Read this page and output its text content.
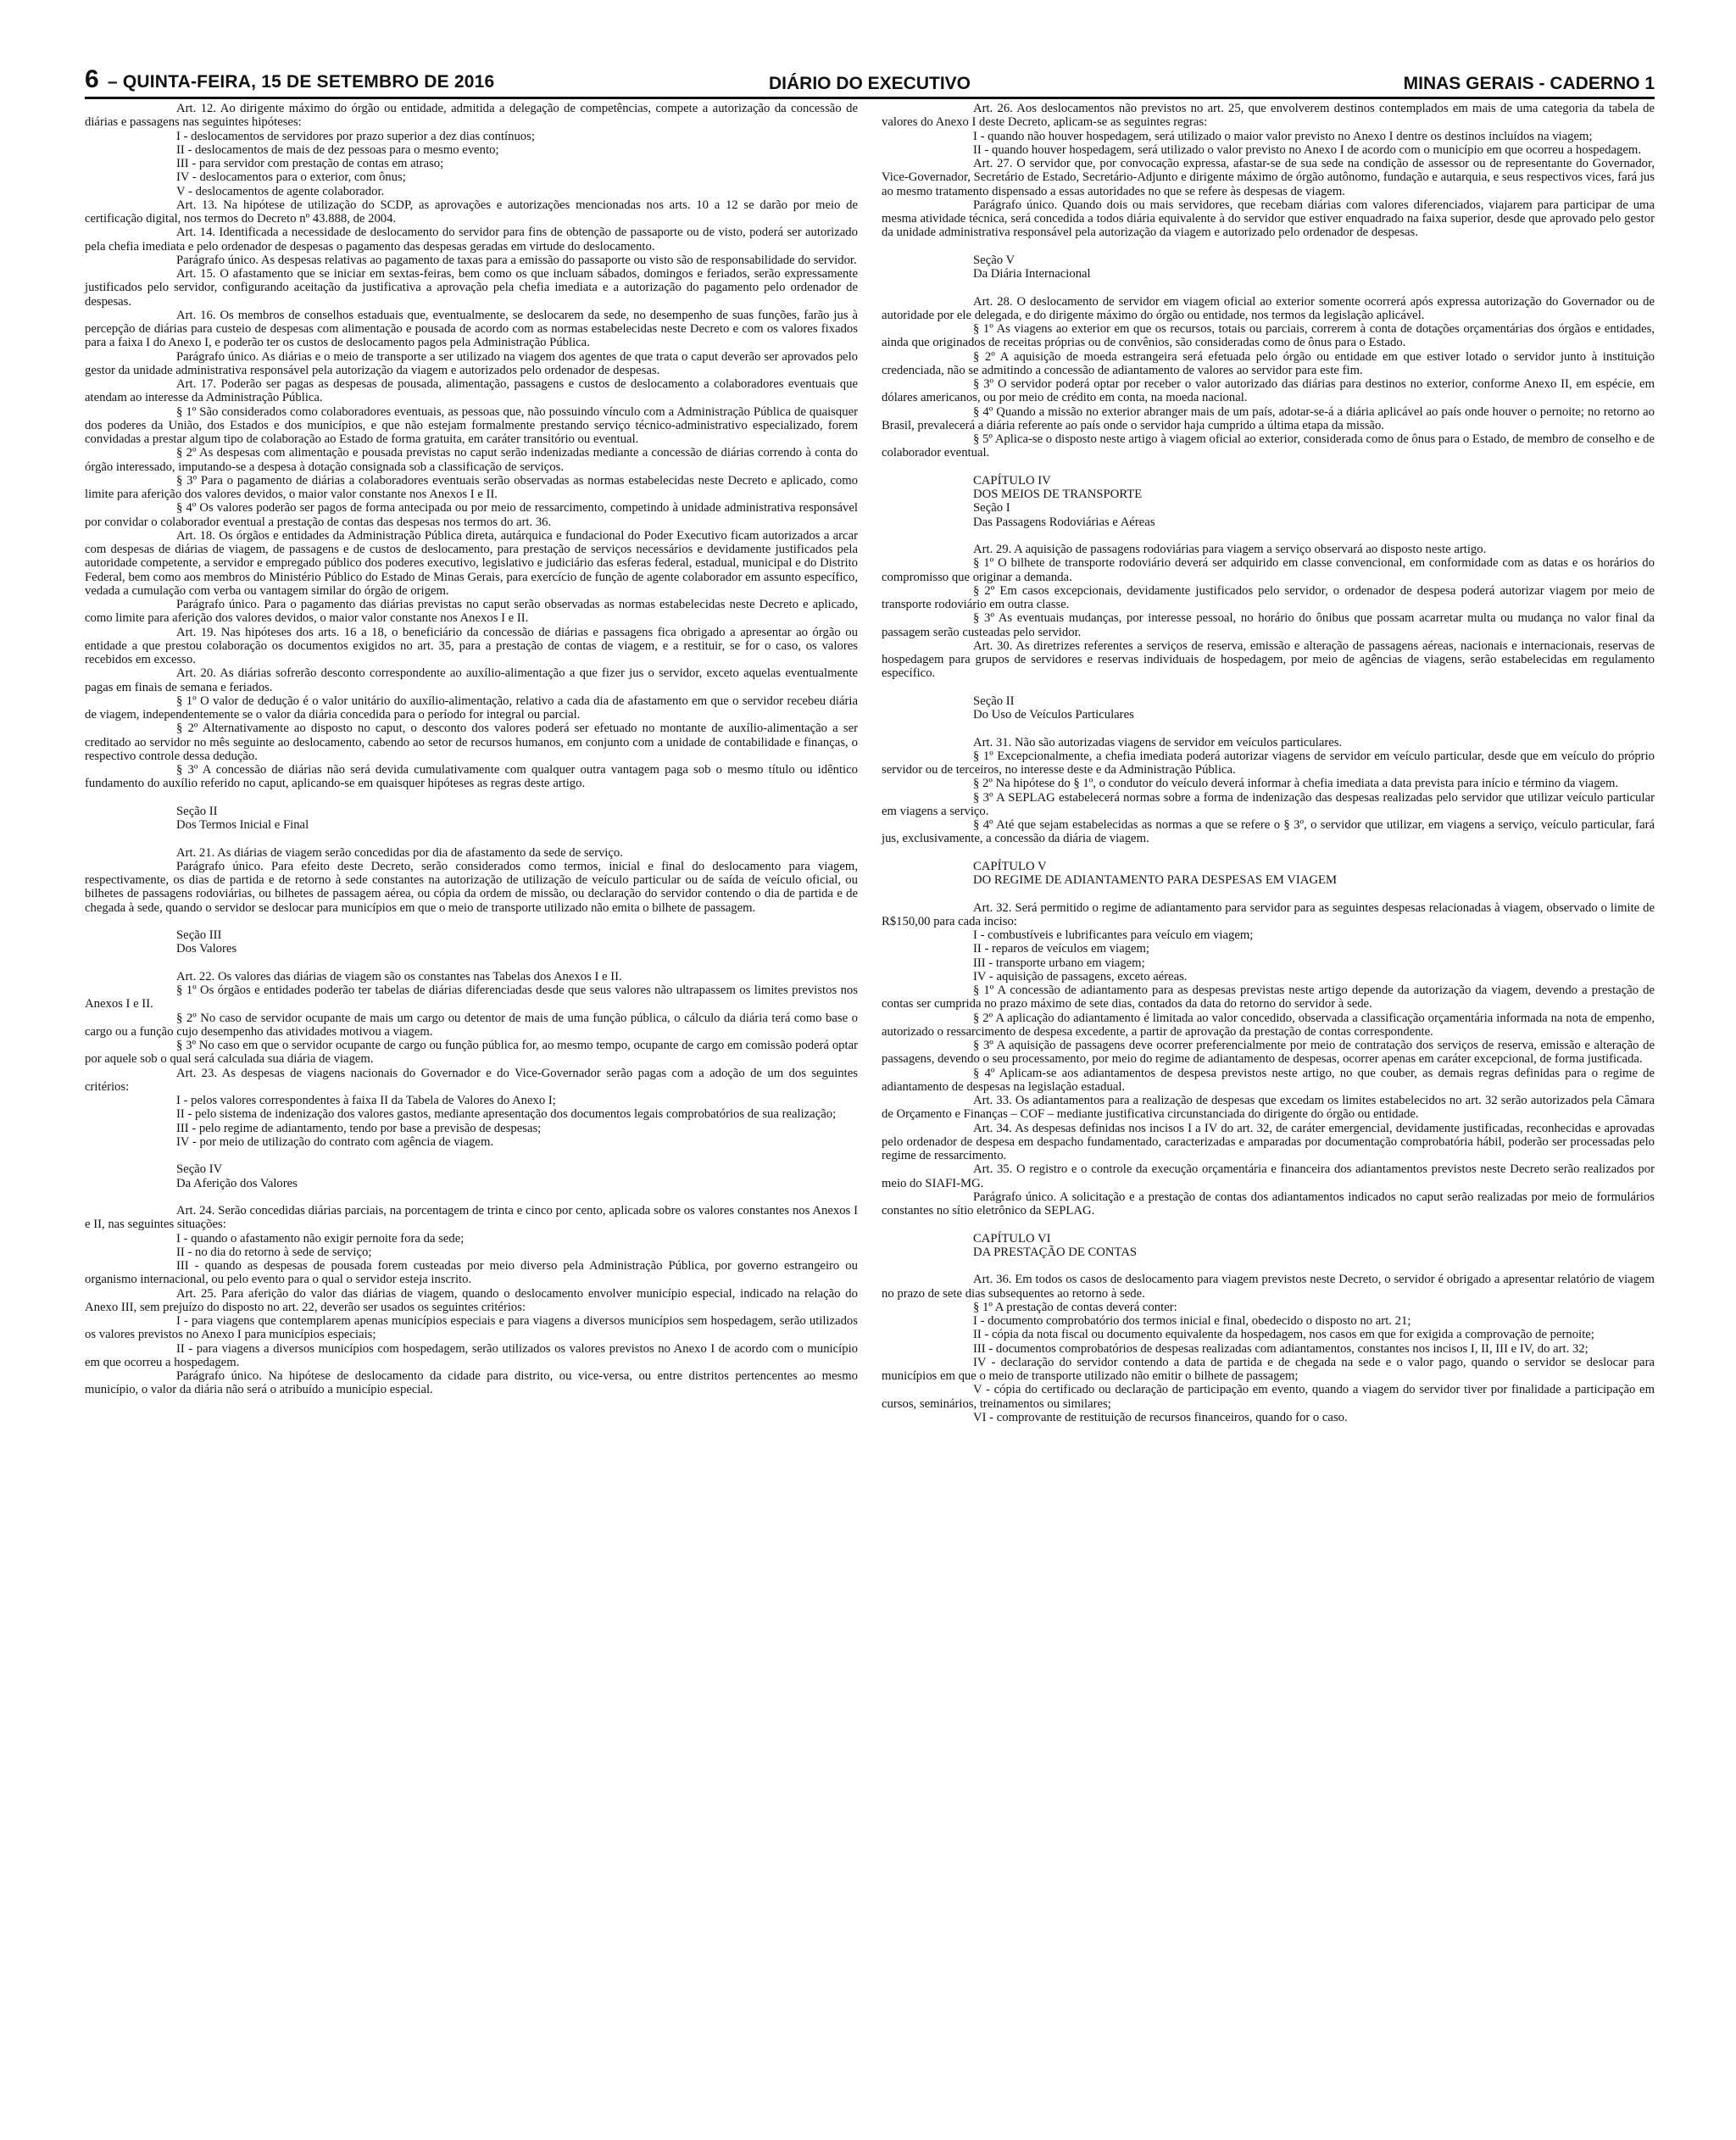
6 – QUINTA-FEIRA, 15 DE SETEMBRO DE 2016	DIÁRIO DO EXECUTIVO	MINAS GERAIS - CADERNO 1

Art. 12. Ao dirigente máximo do órgão ou entidade, admitida a delegação de competências, compete a autorização da concessão de diárias e passagens nas seguintes hipóteses:

I - deslocamentos de servidores por prazo superior a dez dias contínuos;

II - deslocamentos de mais de dez pessoas para o mesmo evento;

III - para servidor com prestação de contas em atraso;

IV - deslocamentos para o exterior, com ônus;

V - deslocamentos de agente colaborador.

Art. 13. Na hipótese de utilização do SCDP, as aprovações e autorizações mencionadas nos arts. 10 a 12 se darão por meio de certificação digital, nos termos do Decreto nº 43.888, de 2004.

Art. 14. Identificada a necessidade de deslocamento do servidor para fins de obtenção de passaporte ou de visto, poderá ser autorizado pela chefia imediata e pelo ordenador de despesas o pagamento das despesas geradas em virtude do deslocamento.

Parágrafo único. As despesas relativas ao pagamento de taxas para a emissão do passaporte ou visto são de responsabilidade do servidor.

Art. 15. O afastamento que se iniciar em sextas-feiras, bem como os que incluam sábados, domingos e feriados, serão expressamente justificados pelo servidor, configurando aceitação da justificativa a aprovação pela chefia imediata e a autorização do pagamento pelo ordenador de despesas.

Art. 16. Os membros de conselhos estaduais que, eventualmente, se deslocarem da sede, no desempenho de suas funções, farão jus à percepção de diárias para custeio de despesas com alimentação e pousada de acordo com as normas estabelecidas neste Decreto e com os valores fixados para a faixa I do Anexo I, e poderão ter os custos de deslocamento pagos pela Administração Pública.

Parágrafo único. As diárias e o meio de transporte a ser utilizado na viagem dos agentes de que trata o caput deverão ser aprovados pelo gestor da unidade administrativa responsável pela autorização da viagem e autorizados pelo ordenador de despesas.

Art. 17. Poderão ser pagas as despesas de pousada, alimentação, passagens e custos de deslocamento a colaboradores eventuais que atendam ao interesse da Administração Pública.

§ 1º São considerados como colaboradores eventuais, as pessoas que, não possuindo vínculo com a Administração Pública de quaisquer dos poderes da União, dos Estados e dos municípios, e que não estejam formalmente prestando serviço técnico-administrativo especializado, forem convidadas a prestar algum tipo de colaboração ao Estado de forma gratuita, em caráter transitório ou eventual.

§ 2º As despesas com alimentação e pousada previstas no caput serão indenizadas mediante a concessão de diárias correndo à conta do órgão interessado, imputando-se a despesa à dotação consignada sob a classificação de serviços.

§ 3º Para o pagamento de diárias a colaboradores eventuais serão observadas as normas estabelecidas neste Decreto e aplicado, como limite para aferição dos valores devidos, o maior valor constante nos Anexos I e II.

§ 4º Os valores poderão ser pagos de forma antecipada ou por meio de ressarcimento, competindo à unidade administrativa responsável por convidar o colaborador eventual a prestação de contas das despesas nos termos do art. 36.

Art. 18. Os órgãos e entidades da Administração Pública direta, autárquica e fundacional do Poder Executivo ficam autorizados a arcar com despesas de diárias de viagem, de passagens e de custos de deslocamento, para prestação de serviços necessários e devidamente justificados pela autoridade competente, a servidor e empregado público dos poderes executivo, legislativo e judiciário das esferas federal, estadual, municipal e do Distrito Federal, bem como aos membros do Ministério Público do Estado de Minas Gerais, para exercício de função de agente colaborador em assunto específico, vedada a cumulação com verba ou vantagem similar do órgão de origem.

Parágrafo único. Para o pagamento das diárias previstas no caput serão observadas as normas estabelecidas neste Decreto e aplicado, como limite para aferição dos valores devidos, o maior valor constante nos Anexos I e II.

Art. 19. Nas hipóteses dos arts. 16 a 18, o beneficiário da concessão de diárias e passagens fica obrigado a apresentar ao órgão ou entidade a que prestou colaboração os documentos exigidos no art. 35, para a prestação de contas de viagem, e a restituir, se for o caso, os valores recebidos em excesso.

Art. 20. As diárias sofrerão desconto correspondente ao auxílio-alimentação a que fizer jus o servidor, exceto aquelas eventualmente pagas em finais de semana e feriados.

§ 1º O valor de dedução é o valor unitário do auxílio-alimentação, relativo a cada dia de afastamento em que o servidor recebeu diária de viagem, independentemente se o valor da diária concedida para o período for integral ou parcial.

§ 2º Alternativamente ao disposto no caput, o desconto dos valores poderá ser efetuado no montante de auxílio-alimentação a ser creditado ao servidor no mês seguinte ao deslocamento, cabendo ao setor de recursos humanos, em conjunto com a unidade de contabilidade e finanças, o respectivo controle dessa dedução.

§ 3º A concessão de diárias não será devida cumulativamente com qualquer outra vantagem paga sob o mesmo título ou idêntico fundamento do auxílio referido no caput, aplicando-se em quaisquer hipóteses as regras deste artigo.

Seção II
Dos Termos Inicial e Final

Art. 21. As diárias de viagem serão concedidas por dia de afastamento da sede de serviço.

Parágrafo único. Para efeito deste Decreto, serão considerados como termos, inicial e final do deslocamento para viagem, respectivamente, os dias de partida e de retorno à sede constantes na autorização de utilização de veículo particular ou de saída de veículo oficial, ou bilhetes de passagens rodoviárias, ou bilhetes de passagem aérea, ou cópia da ordem de missão, ou declaração do servidor contendo o dia de partida e de chegada à sede, quando o servidor se deslocar para municípios em que o meio de transporte utilizado não emita o bilhete de passagem.

Seção III
Dos Valores

Art. 22. Os valores das diárias de viagem são os constantes nas Tabelas dos Anexos I e II.

§ 1º Os órgãos e entidades poderão ter tabelas de diárias diferenciadas desde que seus valores não ultrapassem os limites previstos nos Anexos I e II.

§ 2º No caso de servidor ocupante de mais um cargo ou detentor de mais de uma função pública, o cálculo da diária terá como base o cargo ou a função cujo desempenho das atividades motivou a viagem.

§ 3º No caso em que o servidor ocupante de cargo ou função pública for, ao mesmo tempo, ocupante de cargo em comissão poderá optar por aquele sob o qual será calculada sua diária de viagem.

Art. 23. As despesas de viagens nacionais do Governador e do Vice-Governador serão pagas com a adoção de um dos seguintes critérios:

I - pelos valores correspondentes à faixa II da Tabela de Valores do Anexo I;

II - pelo sistema de indenização dos valores gastos, mediante apresentação dos documentos legais comprobatórios de sua realização;

III - pelo regime de adiantamento, tendo por base a previsão de despesas;

IV - por meio de utilização do contrato com agência de viagem.

Seção IV
Da Aferição dos Valores

Art. 24. Serão concedidas diárias parciais, na porcentagem de trinta e cinco por cento, aplicada sobre os valores constantes nos Anexos I e II, nas seguintes situações:

I - quando o afastamento não exigir pernoite fora da sede;

II - no dia do retorno à sede de serviço;

III - quando as despesas de pousada forem custeadas por meio diverso pela Administração Pública, por governo estrangeiro ou organismo internacional, ou pelo evento para o qual o servidor esteja inscrito.

Art. 25. Para aferição do valor das diárias de viagem, quando o deslocamento envolver município especial, indicado na relação do Anexo III, sem prejuízo do disposto no art. 22, deverão ser usados os seguintes critérios:

I - para viagens que contemplarem apenas municípios especiais e para viagens a diversos municípios sem hospedagem, serão utilizados os valores previstos no Anexo I para municípios especiais;

II - para viagens a diversos municípios com hospedagem, serão utilizados os valores previstos no Anexo I de acordo com o município em que ocorreu a hospedagem.

Parágrafo único. Na hipótese de deslocamento da cidade para distrito, ou vice-versa, ou entre distritos pertencentes ao mesmo município, o valor da diária não será o atribuído a município especial.

Art. 26. Aos deslocamentos não previstos no art. 25, que envolverem destinos contemplados em mais de uma categoria da tabela de valores do Anexo I deste Decreto, aplicam-se as seguintes regras:

I - quando não houver hospedagem, será utilizado o maior valor previsto no Anexo I dentre os destinos incluídos na viagem;

II - quando houver hospedagem, será utilizado o valor previsto no Anexo I de acordo com o município em que ocorreu a hospedagem.

Art. 27. O servidor que, por convocação expressa, afastar-se de sua sede na condição de assessor ou de representante do Governador, Vice-Governador, Secretário de Estado, Secretário-Adjunto e dirigente máximo de órgão autônomo, fundação e autarquia, e seus respectivos vices, fará jus ao mesmo tratamento dispensado a essas autoridades no que se refere às despesas de viagem.

Parágrafo único. Quando dois ou mais servidores, que recebam diárias com valores diferenciados, viajarem para participar de uma mesma atividade técnica, será concedida a todos diária equivalente à do servidor que estiver enquadrado na faixa superior, desde que aprovado pelo gestor da unidade administrativa responsável pela autorização da viagem e autorizado pelo ordenador de despesas.

Seção V
Da Diária Internacional

Art. 28. O deslocamento de servidor em viagem oficial ao exterior somente ocorrerá após expressa autorização do Governador ou de autoridade por ele delegada, e do dirigente máximo do órgão ou entidade, nos termos da legislação aplicável.

§ 1º As viagens ao exterior em que os recursos, totais ou parciais, correrem à conta de dotações orçamentárias dos órgãos e entidades, ainda que originados de receitas próprias ou de convênios, são consideradas como de ônus para o Estado.

§ 2º A aquisição de moeda estrangeira será efetuada pelo órgão ou entidade em que estiver lotado o servidor junto à instituição credenciada, não se admitindo a concessão de adiantamento de valores ao servidor para este fim.

§ 3º O servidor poderá optar por receber o valor autorizado das diárias para destinos no exterior, conforme Anexo II, em espécie, em dólares americanos, ou por meio de crédito em conta, na moeda nacional.

§ 4º Quando a missão no exterior abranger mais de um país, adotar-se-á a diária aplicável ao país onde houver o pernoite; no retorno ao Brasil, prevalecerá a diária referente ao país onde o servidor haja cumprido a última etapa da missão.

§ 5º Aplica-se o disposto neste artigo à viagem oficial ao exterior, considerada como de ônus para o Estado, de membro de conselho e de colaborador eventual.

CAPÍTULO IV
DOS MEIOS DE TRANSPORTE
Seção I
Das Passagens Rodoviárias e Aéreas

Art. 29. A aquisição de passagens rodoviárias para viagem a serviço observará ao disposto neste artigo.

§ 1º O bilhete de transporte rodoviário deverá ser adquirido em classe convencional, em conformidade com as datas e os horários do compromisso que originar a demanda.

§ 2º Em casos excepcionais, devidamente justificados pelo servidor, o ordenador de despesa poderá autorizar viagem por meio de transporte rodoviário em outra classe.

§ 3º As eventuais mudanças, por interesse pessoal, no horário do ônibus que possam acarretar multa ou mudança no valor final da passagem serão custeadas pelo servidor.

Art. 30. As diretrizes referentes a serviços de reserva, emissão e alteração de passagens aéreas, nacionais e internacionais, reservas de hospedagem para grupos de servidores e reservas individuais de hospedagem, por meio de agências de viagens, serão estabelecidas em regulamento específico.

Seção II
Do Uso de Veículos Particulares

Art. 31. Não são autorizadas viagens de servidor em veículos particulares.

§ 1º Excepcionalmente, a chefia imediata poderá autorizar viagens de servidor em veículo particular, desde que em veículo do próprio servidor ou de terceiros, no interesse deste e da Administração Pública.

§ 2º Na hipótese do § 1º, o condutor do veículo deverá informar à chefia imediata a data prevista para início e término da viagem.

§ 3º A SEPLAG estabelecerá normas sobre a forma de indenização das despesas realizadas pelo servidor que utilizar veículo particular em viagens a serviço.

§ 4º Até que sejam estabelecidas as normas a que se refere o § 3º, o servidor que utilizar, em viagens a serviço, veículo particular, fará jus, exclusivamente, a concessão da diária de viagem.

CAPÍTULO V
DO REGIME DE ADIANTAMENTO PARA DESPESAS EM VIAGEM

Art. 32. Será permitido o regime de adiantamento para servidor para as seguintes despesas relacionadas à viagem, observado o limite de R$150,00 para cada inciso:

I - combustíveis e lubrificantes para veículo em viagem;

II - reparos de veículos em viagem;

III - transporte urbano em viagem;

IV - aquisição de passagens, exceto aéreas.

§ 1º A concessão de adiantamento para as despesas previstas neste artigo depende da autorização da viagem, devendo a prestação de contas ser cumprida no prazo máximo de sete dias, contados da data do retorno do servidor à sede.

§ 2º A aplicação do adiantamento é limitada ao valor concedido, observada a classificação orçamentária informada na nota de empenho, autorizado o ressarcimento de despesa excedente, a partir de aprovação da prestação de contas correspondente.

§ 3º A aquisição de passagens deve ocorrer preferencialmente por meio de contratação dos serviços de reserva, emissão e alteração de passagens, devendo o seu processamento, por meio do regime de adiantamento de despesas, ocorrer apenas em caráter excepcional, de forma justificada.

§ 4º Aplicam-se aos adiantamentos de despesa previstos neste artigo, no que couber, as demais regras definidas para o regime de adiantamento de despesas na legislação estadual.

Art. 33. Os adiantamentos para a realização de despesas que excedam os limites estabelecidos no art. 32 serão autorizados pela Câmara de Orçamento e Finanças – COF – mediante justificativa circunstanciada do dirigente do órgão ou entidade.

Art. 34. As despesas definidas nos incisos I a IV do art. 32, de caráter emergencial, devidamente justificadas, reconhecidas e aprovadas pelo ordenador de despesa em despacho fundamentado, caracterizadas e amparadas por documentação comprobatória hábil, poderão ser processadas pelo regime de ressarcimento.

Art. 35. O registro e o controle da execução orçamentária e financeira dos adiantamentos previstos neste Decreto serão realizados por meio do SIAFI-MG.

Parágrafo único. A solicitação e a prestação de contas dos adiantamentos indicados no caput serão realizadas por meio de formulários constantes no sítio eletrônico da SEPLAG.

CAPÍTULO VI
DA PRESTAÇÃO DE CONTAS

Art. 36. Em todos os casos de deslocamento para viagem previstos neste Decreto, o servidor é obrigado a apresentar relatório de viagem no prazo de sete dias subsequentes ao retorno à sede.

§ 1º A prestação de contas deverá conter:

I - documento comprobatório dos termos inicial e final, obedecido o disposto no art. 21;

II - cópia da nota fiscal ou documento equivalente da hospedagem, nos casos em que for exigida a comprovação de pernoite;

III - documentos comprobatórios de despesas realizadas com adiantamentos, constantes nos incisos I, II, III e IV, do art. 32;

IV - declaração do servidor contendo a data de partida e de chegada na sede e o valor pago, quando o servidor se deslocar para municípios em que o meio de transporte utilizado não emitir o bilhete de passagem;

V - cópia do certificado ou declaração de participação em evento, quando a viagem do servidor tiver por finalidade a participação em cursos, seminários, treinamentos ou similares;

VI - comprovante de restituição de recursos financeiros, quando for o caso.
